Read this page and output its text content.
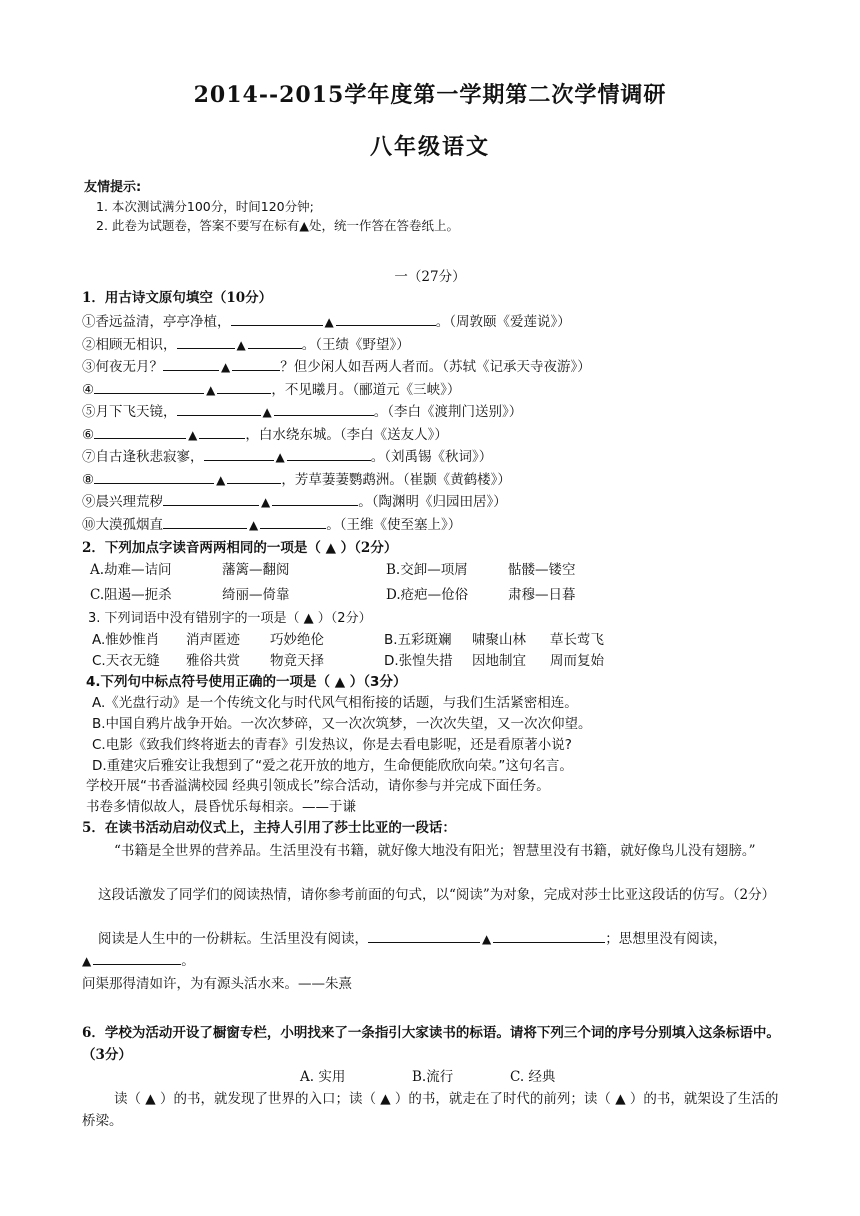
2014--2015学年度第一学期第二次学情调研
八年级语文
友情提示:
1. 本次测试满分100分，时间120分钟;
2. 此卷为试题卷，答案不要写在标有▲处，统一作答在答卷纸上。
一（27分）
1．用古诗文原句填空（10分）
①香远益清，亭亭净植，	▲	。（周敦颐《爱莲说》）
②相顾无相识，	▲	。（王绩《野望》）
③何夜无月？	▲	？但少闲人如吾两人者而。（苏轼《记承天寺夜游》）
④	▲	，不见曦月。（郦道元《三峡》）
⑤月下飞天镜，	▲	。（李白《渡荆门送别》）
⑥	▲	，白水绕东城。（李白《送友人》）
⑦自古逢秋悲寂寥，	▲	。（刘禹锡《秋词》）
⑧	▲	，芳草萋萋鹦鹉洲。（崔颢《黄鹤楼》）
⑨晨兴理荒秽	▲	。（陶渊明《归园田居》）
⑩大漠孤烟直	▲	。（王维《使至塞上》）
2．下列加点字读音两两相同的一项是（ ▲ ）（2分）
A.劫难—诘问	藩篱—翻阅	B.交卸—项屑	骷髅—镂空
C.阻遏—扼杀	绮丽—倚靠	D.疮疤—伧俗	肃穆—日暮
3. 下列词语中没有错别字的一项是（ ▲ ）（2分）
A.惟妙惟肖 消声匿迹 巧妙绝伦	B.五彩斑斓 啸聚山林 草长莺飞
C.天衣无缝 雅俗共赏 物竟天择	D.张惶失措 因地制宜 周而复始
4.下列句中标点符号使用正确的一项是（ ▲ ）（3分）
A.《光盘行动》是一个传统文化与时代风气相衔接的话题，与我们生活紧密相连。
B.中国自鸦片战争开始。一次次梦碎，又一次次筑梦，一次次失望，又一次次仰望。
C.电影《致我们终将逝去的青春》引发热议，你是去看电影呢，还是看原著小说?
D.重建灾后雅安让我想到了“爱之花开放的地方，生命便能欣欣向荣。”这句名言。
学校开展“书香溢满校园 经典引领成长”综合活动，请你参与并完成下面任务。
书卷多情似故人，晨昏忧乐每相亲。——于谦
5．在读书活动启动仪式上，主持人引用了莎士比亚的一段话：
“书籍是全世界的营养品。生活里没有书籍，就好像大地没有阳光；智慧里没有书籍，就好像鸟儿没有翅膀。”
这段话激发了同学们的阅读热情，请你参考前面的句式，以“阅读”为对象，完成对莎士比亚这段话的仿写。（2分）
阅读是人生中的一份耕耘。生活里没有阅读，	▲	；思想里没有阅读，
▲	。
问渠那得清如许，为有源头活水来。——朱熹
6．学校为活动开设了橱窗专栏，小明找来了一条指引大家读书的标语。请将下列三个词的序号分别填入这条标语中。（3分）
A. 实用	B.流行	C. 经典
读（ ▲ ）的书，就发现了世界的入口；读（ ▲ ）的书，就走在了时代的前列；读（ ▲ ）的书，就架设了生活的桥梁。
